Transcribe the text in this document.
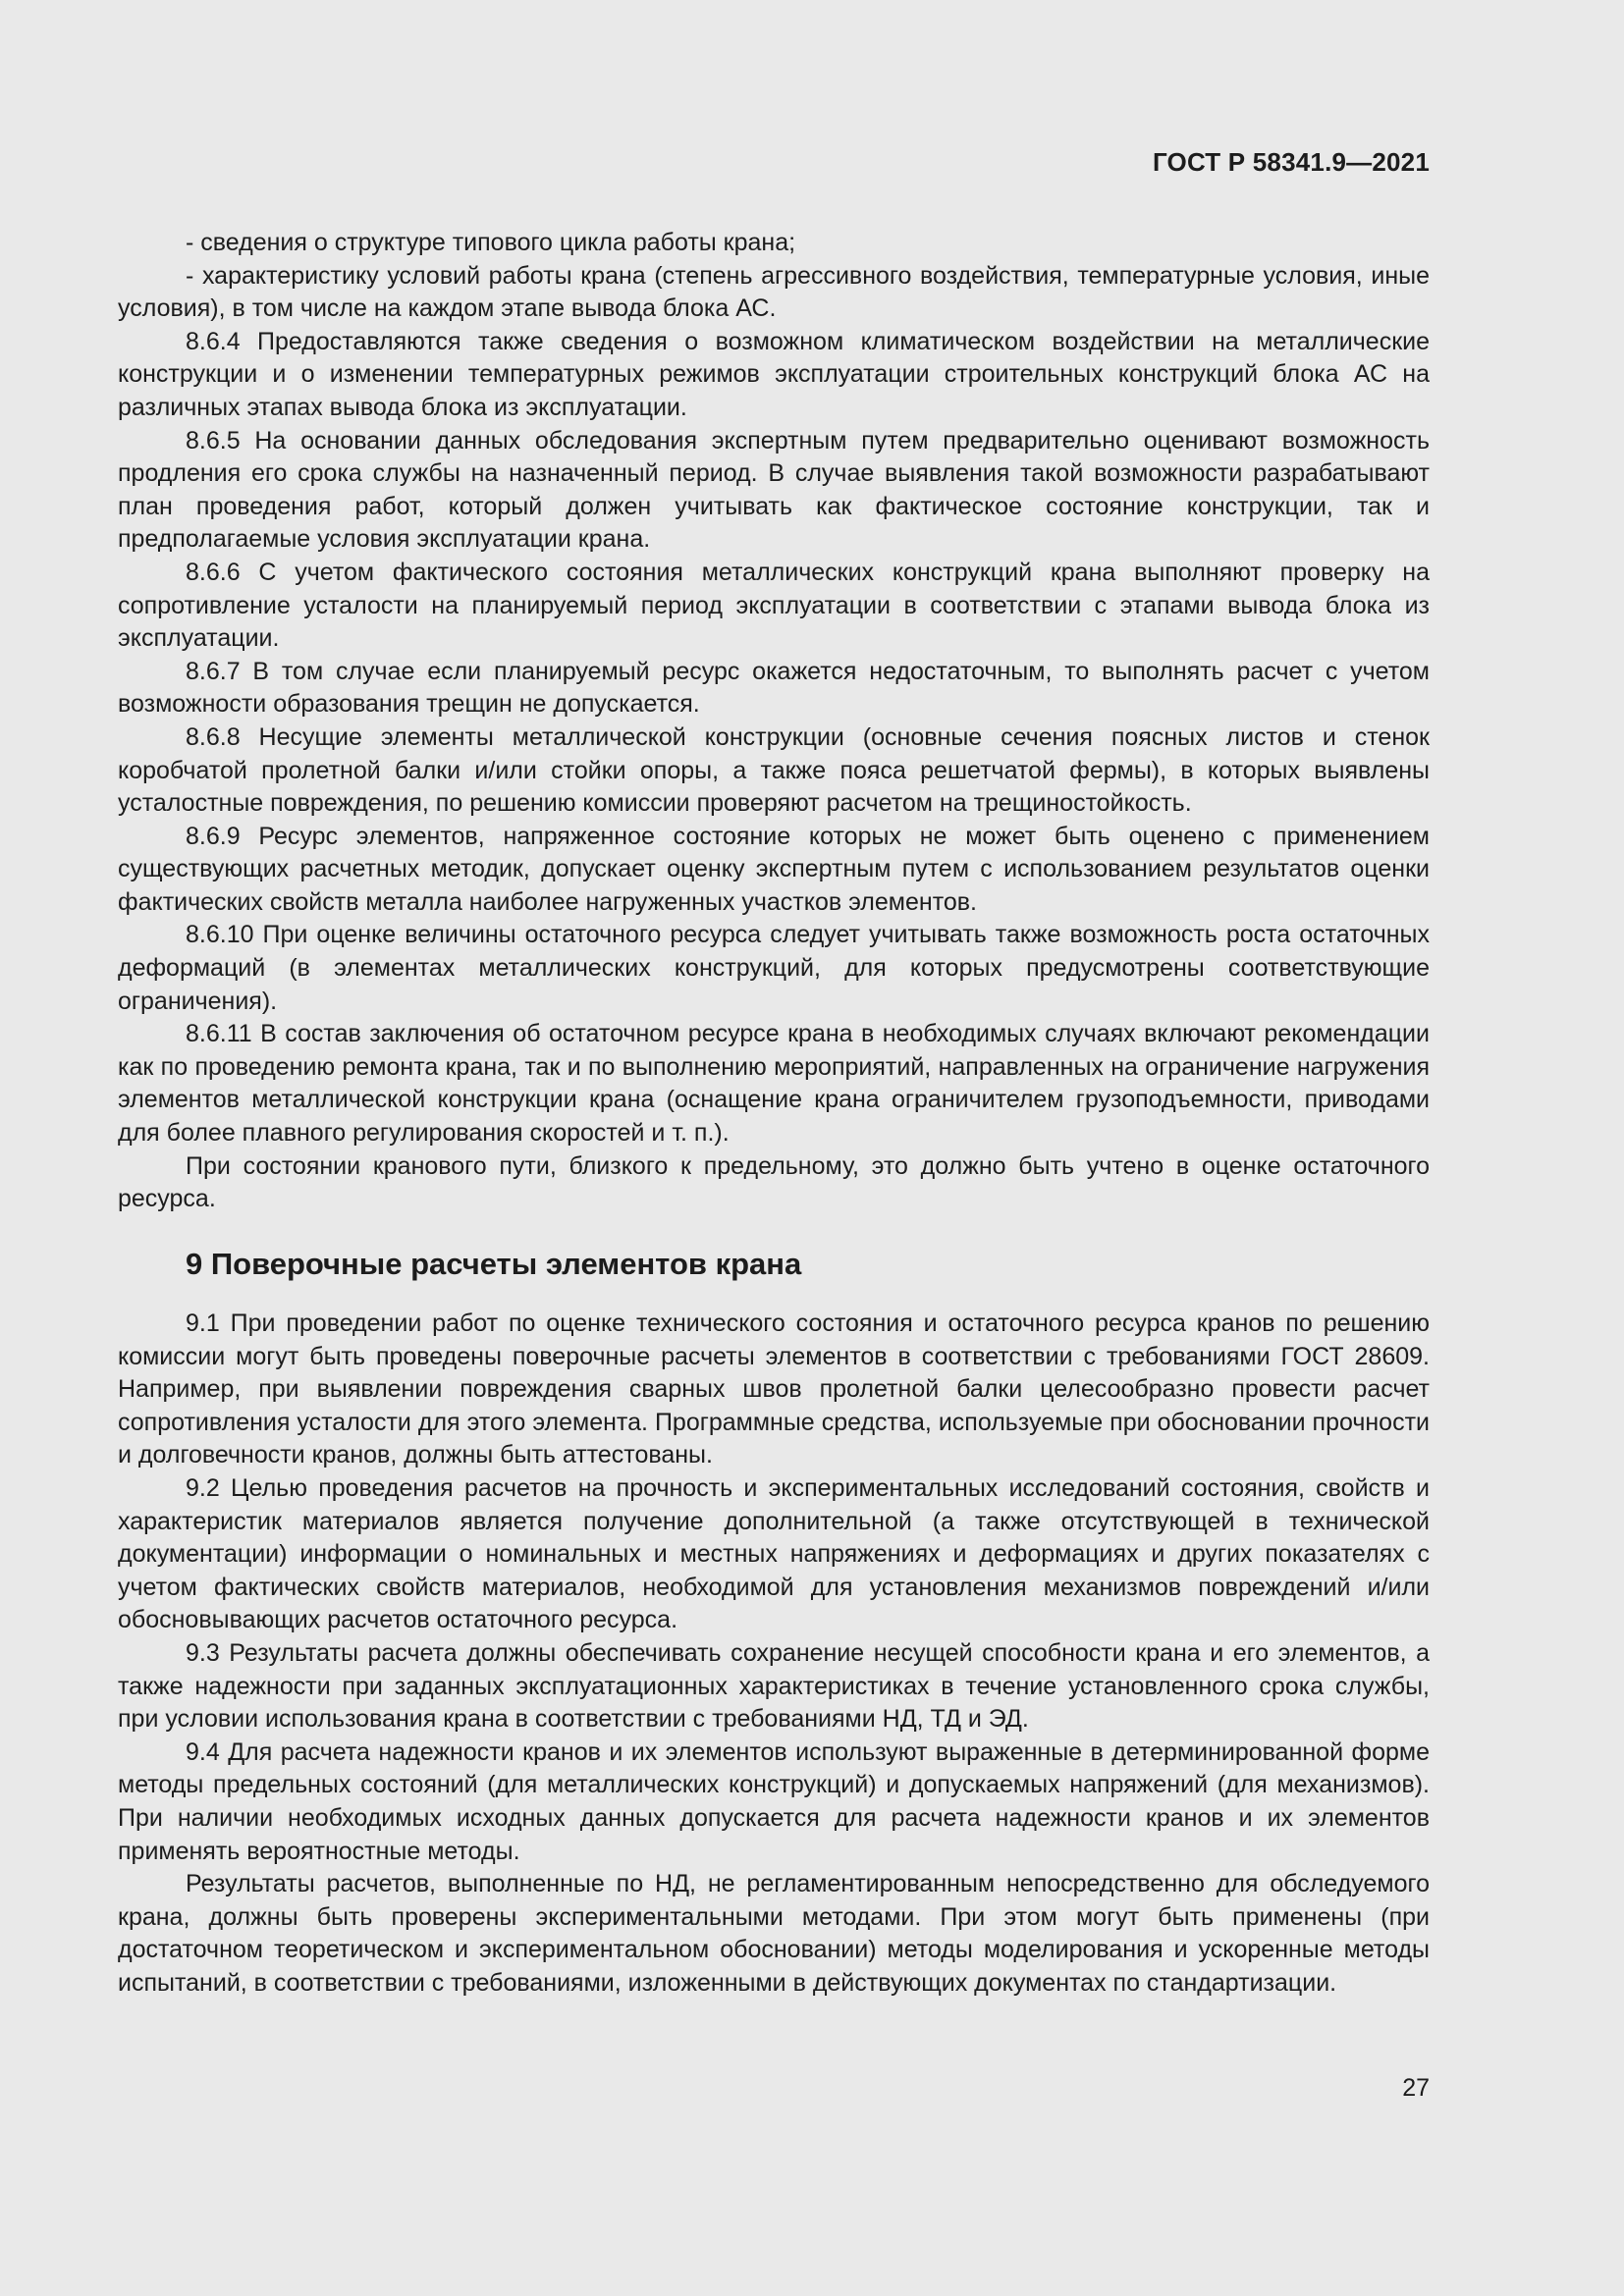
ГОСТ Р 58341.9—2021

- сведения о структуре типового цикла работы крана;

- характеристику условий работы крана (степень агрессивного воздействия, температурные условия, иные условия), в том числе на каждом этапе вывода блока АС.

8.6.4 Предоставляются также сведения о возможном климатическом воздействии на металлические конструкции и о изменении температурных режимов эксплуатации строительных конструкций блока АС на различных этапах вывода блока из эксплуатации.

8.6.5 На основании данных обследования экспертным путем предварительно оценивают возможность продления его срока службы на назначенный период. В случае выявления такой возможности разрабатывают план проведения работ, который должен учитывать как фактическое состояние конструкции, так и предполагаемые условия эксплуатации крана.

8.6.6 С учетом фактического состояния металлических конструкций крана выполняют проверку на сопротивление усталости на планируемый период эксплуатации в соответствии с этапами вывода блока из эксплуатации.

8.6.7 В том случае если планируемый ресурс окажется недостаточным, то выполнять расчет с учетом возможности образования трещин не допускается.

8.6.8 Несущие элементы металлической конструкции (основные сечения поясных листов и стенок коробчатой пролетной балки и/или стойки опоры, а также пояса решетчатой фермы), в которых выявлены усталостные повреждения, по решению комиссии проверяют расчетом на трещиностойкость.

8.6.9 Ресурс элементов, напряженное состояние которых не может быть оценено с применением существующих расчетных методик, допускает оценку экспертным путем с использованием результатов оценки фактических свойств металла наиболее нагруженных участков элементов.

8.6.10 При оценке величины остаточного ресурса следует учитывать также возможность роста остаточных деформаций (в элементах металлических конструкций, для которых предусмотрены соответствующие ограничения).

8.6.11 В состав заключения об остаточном ресурсе крана в необходимых случаях включают рекомендации как по проведению ремонта крана, так и по выполнению мероприятий, направленных на ограничение нагружения элементов металлической конструкции крана (оснащение крана ограничителем грузоподъемности, приводами для более плавного регулирования скоростей и т. п.).

При состоянии кранового пути, близкого к предельному, это должно быть учтено в оценке остаточного ресурса.

9 Поверочные расчеты элементов крана

9.1 При проведении работ по оценке технического состояния и остаточного ресурса кранов по решению комиссии могут быть проведены поверочные расчеты элементов в соответствии с требованиями ГОСТ 28609. Например, при выявлении повреждения сварных швов пролетной балки целесообразно провести расчет сопротивления усталости для этого элемента. Программные средства, используемые при обосновании прочности и долговечности кранов, должны быть аттестованы.

9.2 Целью проведения расчетов на прочность и экспериментальных исследований состояния, свойств и характеристик материалов является получение дополнительной (а также отсутствующей в технической документации) информации о номинальных и местных напряжениях и деформациях и других показателях с учетом фактических свойств материалов, необходимой для установления механизмов повреждений и/или обосновывающих расчетов остаточного ресурса.

9.3 Результаты расчета должны обеспечивать сохранение несущей способности крана и его элементов, а также надежности при заданных эксплуатационных характеристиках в течение установленного срока службы, при условии использования крана в соответствии с требованиями НД, ТД и ЭД.

9.4 Для расчета надежности кранов и их элементов используют выраженные в детерминированной форме методы предельных состояний (для металлических конструкций) и допускаемых напряжений (для механизмов). При наличии необходимых исходных данных допускается для расчета надежности кранов и их элементов применять вероятностные методы.

Результаты расчетов, выполненные по НД, не регламентированным непосредственно для обследуемого крана, должны быть проверены экспериментальными методами. При этом могут быть применены (при достаточном теоретическом и экспериментальном обосновании) методы моделирования и ускоренные методы испытаний, в соответствии с требованиями, изложенными в действующих документах по стандартизации.

27
